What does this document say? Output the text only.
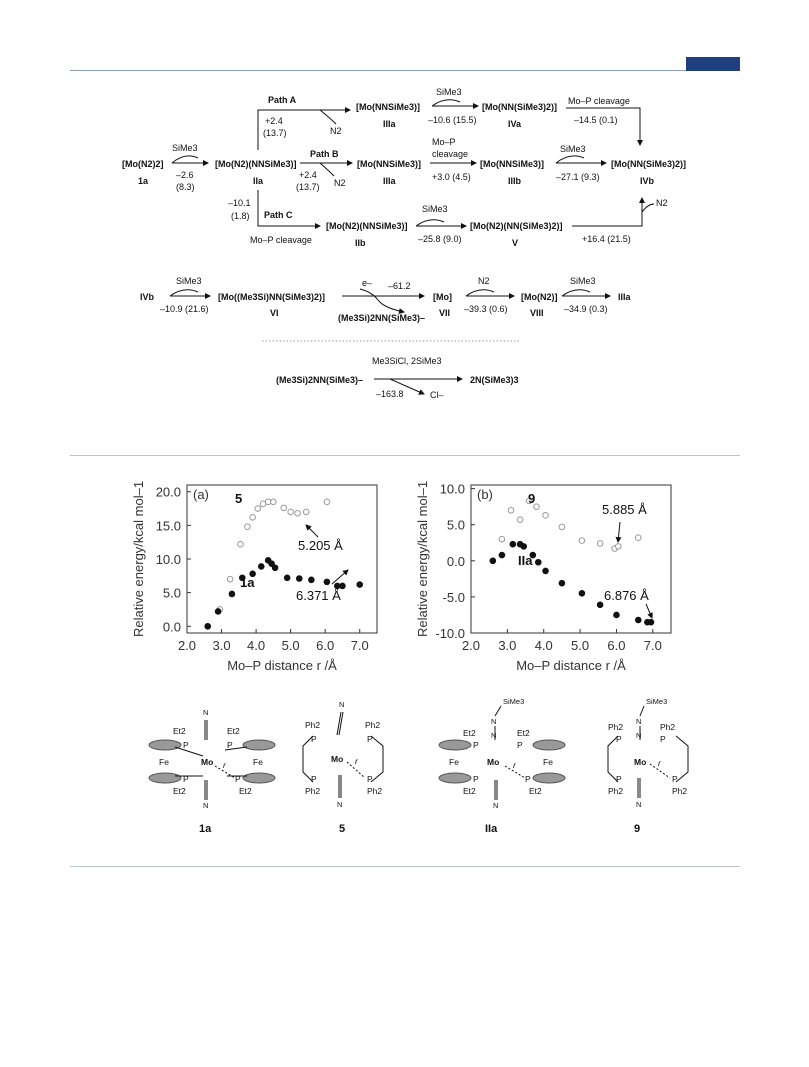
[Mo(N2)2]
1a
SiMe3
–2.6
(8.3)
[Mo(N2)(NNSiMe3)]
IIa
Path A
+2.4
(13.7)	N2
[Mo(NNSiMe3)]
IIIa
SiMe3
–10.6 (15.5)
[Mo(NN(SiMe3)2)]
IVa
Mo–P cleavage
–14.5 (0.1)
Path B
+2.4
(13.7) N2
[Mo(NNSiMe3)]
IIIa
Mo–P
cleavage
+3.0 (4.5)
[Mo(NNSiMe3)]
IIIb
SiMe3
–27.1 (9.3)
[Mo(NN(SiMe3)2)]
IVb
Path C
–10.1
(1.8)
Mo–P cleavage
[Mo(N2)(NNSiMe3)]
IIb
SiMe3
–25.8 (9.0)
[Mo(N2)(NN(SiMe3)2)]
V	+16.4 (21.5)
N2
IVb
SiMe3
–10.9 (21.6)
[Mo((Me3Si)NN(SiMe3)2)]
VI
e– –61.2
(Me3Si)2NN(SiMe3)–
[Mo]
VII
N2
–39.3 (0.6)
[Mo(N2)]
VIII
SiMe3
–34.9 (0.3)
IIIa
(Me3Si)2NN(SiMe3)–
Me3SiCl, 2SiMe3
–163.8	Cl–
2N(SiMe3)3
2.0 3.0 4.0 5.0 6.0 7.0
0.0
5.0
10.0
15.0
20.0
Mo–P distance r /Å
Relative energy/kcal mol–1	(a) 5
1a
5.205 Å
6.371 Å
2.0 3.0 4.0 5.0 6.0 7.0
10.0
5.0
0.0
-5.0
-10.0
Mo–P distance r /Å
Relative energy/kcal mol–1	(b)	9
IIa
5.885 Å
6.876 Å
Fe	Fe
N
N
Mo
P	P
P	P
Et2	Et2
Et2	Et2
r
1a
N
N
Mo
P	P
P	P
Ph2	Ph2
Ph2	Ph2
r
5
Fe	Fe
SiMe3
N
N
N
Mo
P	P
P	P
Et2	Et2
Et2	Et2
r
IIa
SiMe3
N
N
N
Mo
P	P
P	P
Ph2	Ph2
Ph2	Ph2
r
9
